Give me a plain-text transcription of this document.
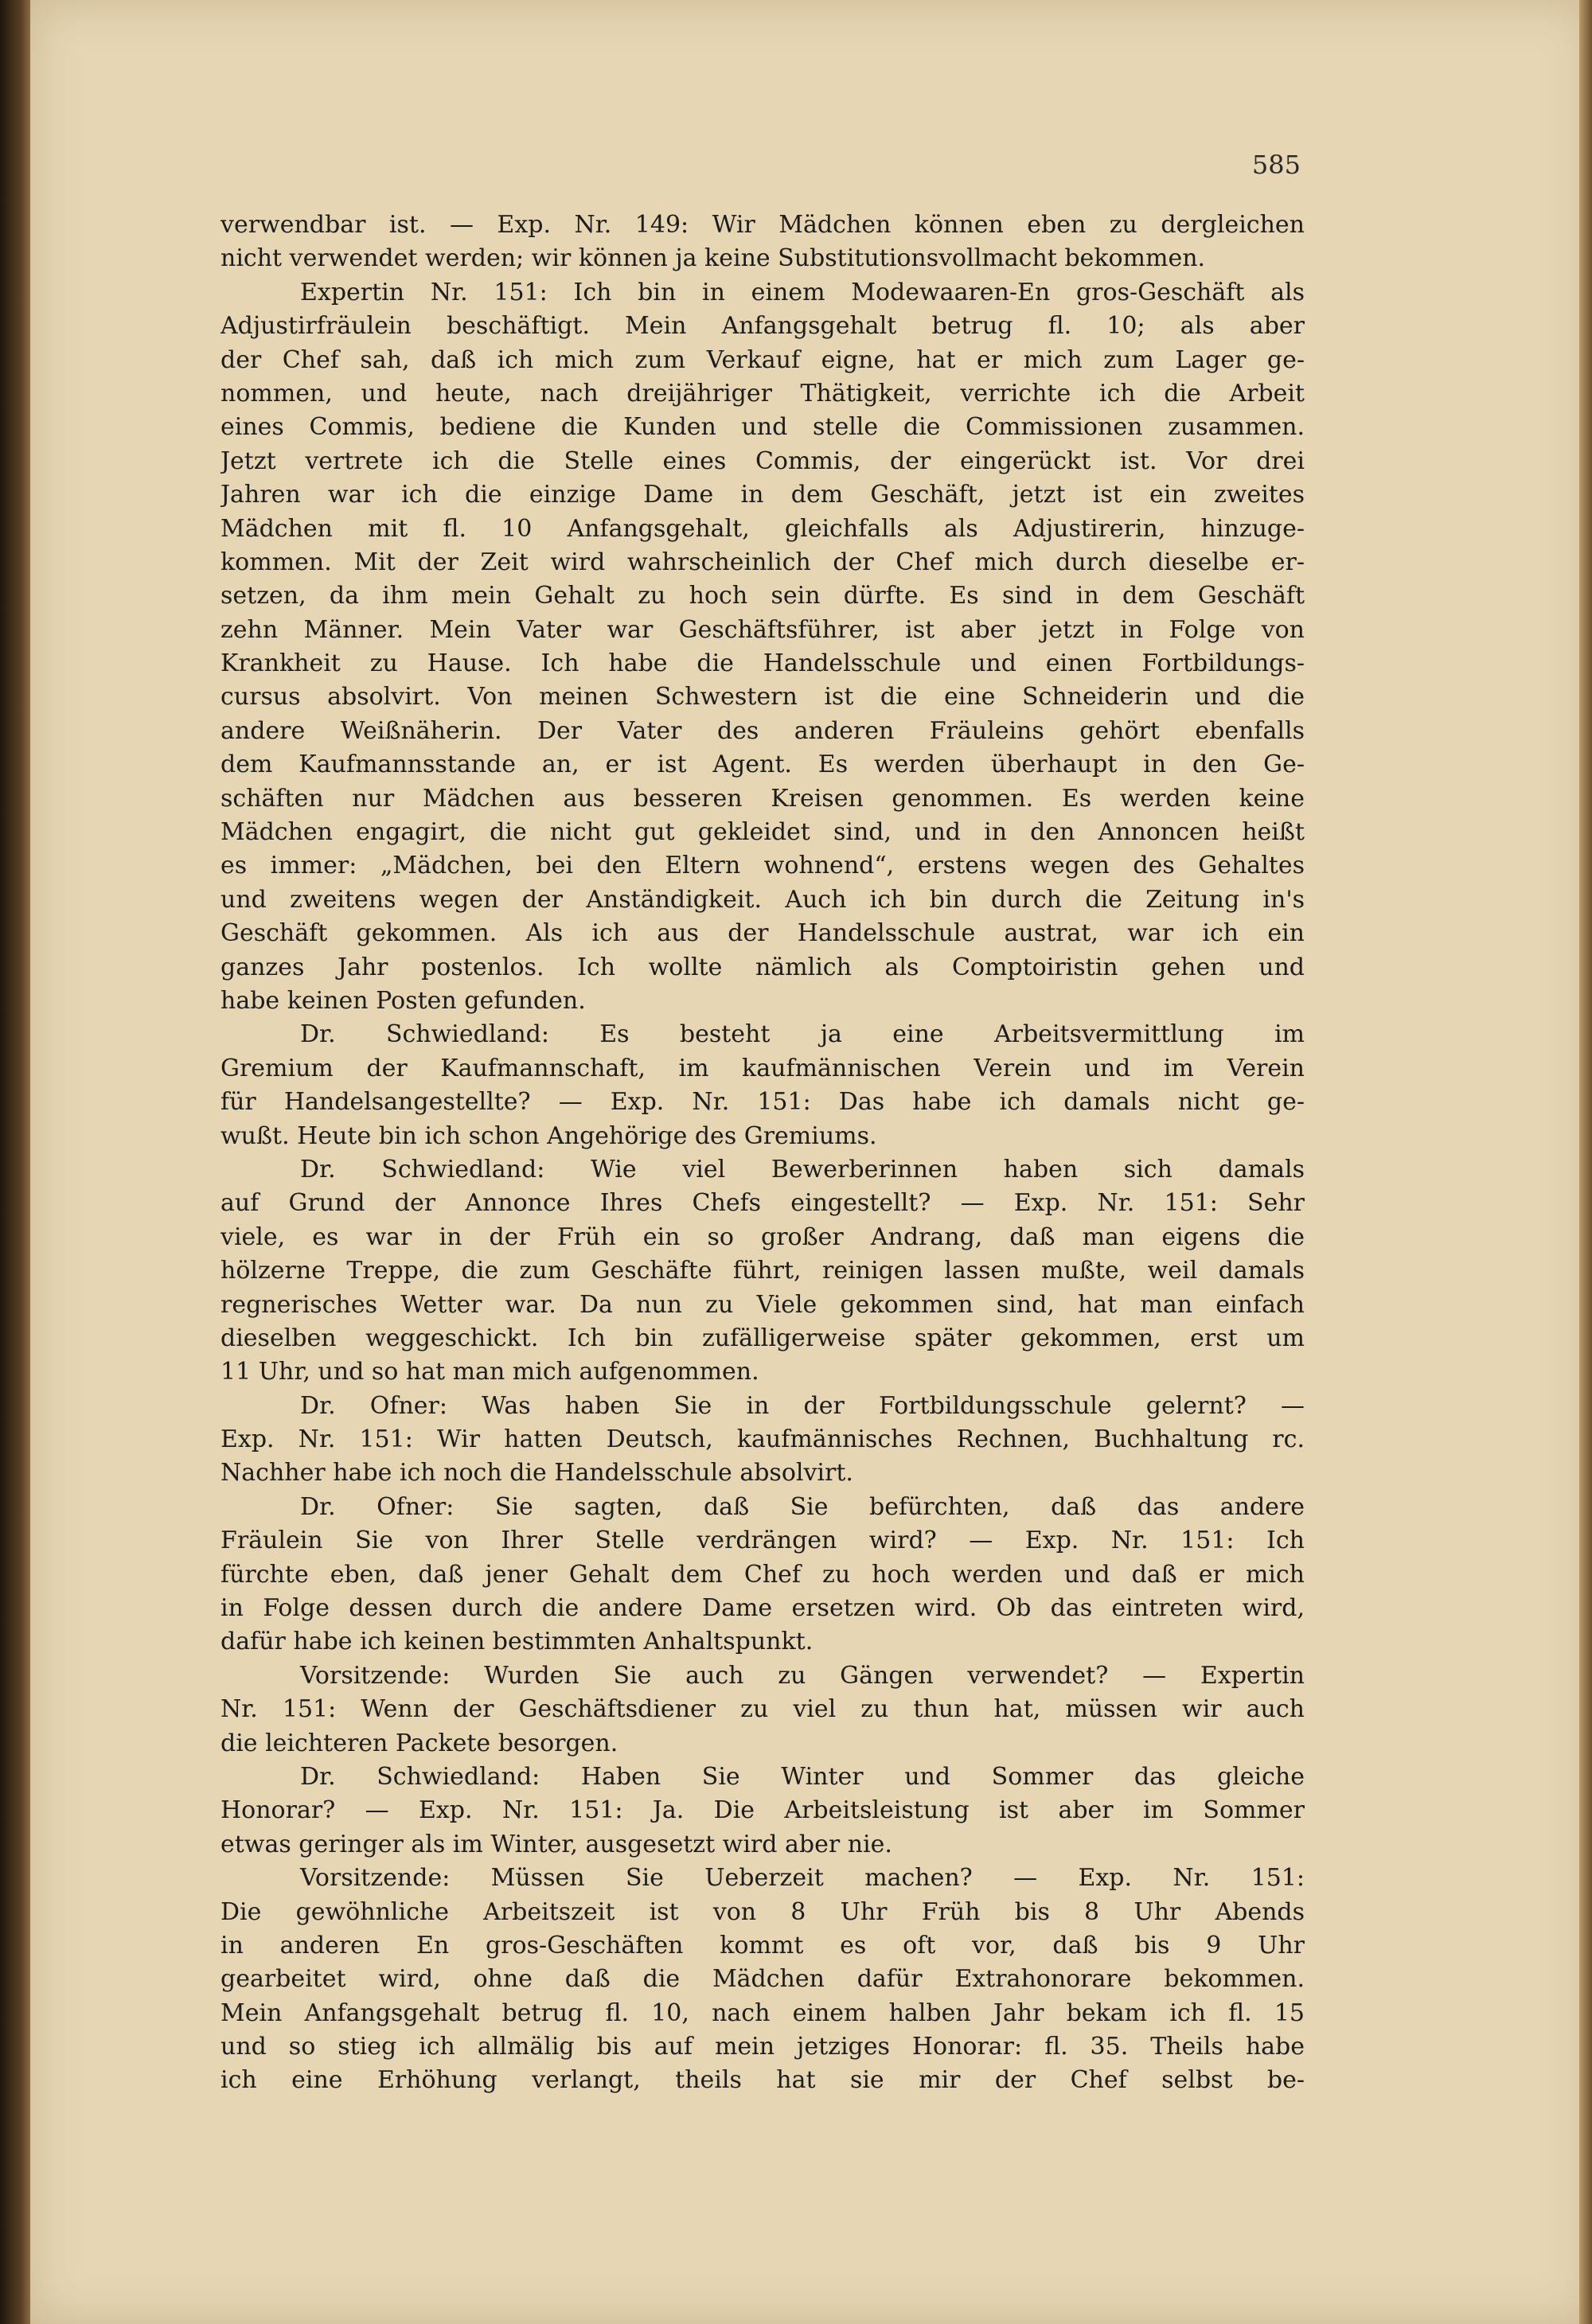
585
verwendbar ist. — Exp. Nr. 149: Wir Mädchen können eben zu dergleichen
nicht verwendet werden; wir können ja keine Substitutionsvollmacht bekommen.
Expertin Nr. 151: Ich bin in einem Modewaaren-En gros-Geschäft als
Adjustirfräulein beschäftigt. Mein Anfangsgehalt betrug fl. 10; als aber
der Chef sah, daß ich mich zum Verkauf eigne, hat er mich zum Lager ge-
nommen, und heute, nach dreijähriger Thätigkeit, verrichte ich die Arbeit
eines Commis, bediene die Kunden und stelle die Commissionen zusammen.
Jetzt vertrete ich die Stelle eines Commis, der eingerückt ist. Vor drei
Jahren war ich die einzige Dame in dem Geschäft, jetzt ist ein zweites
Mädchen mit fl. 10 Anfangsgehalt, gleichfalls als Adjustirerin, hinzuge-
kommen. Mit der Zeit wird wahrscheinlich der Chef mich durch dieselbe er-
setzen, da ihm mein Gehalt zu hoch sein dürfte. Es sind in dem Geschäft
zehn Männer. Mein Vater war Geschäftsführer, ist aber jetzt in Folge von
Krankheit zu Hause. Ich habe die Handelsschule und einen Fortbildungs-
cursus absolvirt. Von meinen Schwestern ist die eine Schneiderin und die
andere Weißnäherin. Der Vater des anderen Fräuleins gehört ebenfalls
dem Kaufmannsstande an, er ist Agent. Es werden überhaupt in den Ge-
schäften nur Mädchen aus besseren Kreisen genommen. Es werden keine
Mädchen engagirt, die nicht gut gekleidet sind, und in den Annoncen heißt
es immer: „Mädchen, bei den Eltern wohnend“, erstens wegen des Gehaltes
und zweitens wegen der Anständigkeit. Auch ich bin durch die Zeitung in's
Geschäft gekommen. Als ich aus der Handelsschule austrat, war ich ein
ganzes Jahr postenlos. Ich wollte nämlich als Comptoiristin gehen und
habe keinen Posten gefunden.
Dr. Schwiedland: Es besteht ja eine Arbeitsvermittlung im
Gremium der Kaufmannschaft, im kaufmännischen Verein und im Verein
für Handelsangestellte? — Exp. Nr. 151: Das habe ich damals nicht ge-
wußt. Heute bin ich schon Angehörige des Gremiums.
Dr. Schwiedland: Wie viel Bewerberinnen haben sich damals
auf Grund der Annonce Ihres Chefs eingestellt? — Exp. Nr. 151: Sehr
viele, es war in der Früh ein so großer Andrang, daß man eigens die
hölzerne Treppe, die zum Geschäfte führt, reinigen lassen mußte, weil damals
regnerisches Wetter war. Da nun zu Viele gekommen sind, hat man einfach
dieselben weggeschickt. Ich bin zufälligerweise später gekommen, erst um
11 Uhr, und so hat man mich aufgenommen.
Dr. Ofner: Was haben Sie in der Fortbildungsschule gelernt? —
Exp. Nr. 151: Wir hatten Deutsch, kaufmännisches Rechnen, Buchhaltung rc.
Nachher habe ich noch die Handelsschule absolvirt.
Dr. Ofner: Sie sagten, daß Sie befürchten, daß das andere
Fräulein Sie von Ihrer Stelle verdrängen wird? — Exp. Nr. 151: Ich
fürchte eben, daß jener Gehalt dem Chef zu hoch werden und daß er mich
in Folge dessen durch die andere Dame ersetzen wird. Ob das eintreten wird,
dafür habe ich keinen bestimmten Anhaltspunkt.
Vorsitzende: Wurden Sie auch zu Gängen verwendet? — Expertin
Nr. 151: Wenn der Geschäftsdiener zu viel zu thun hat, müssen wir auch
die leichteren Packete besorgen.
Dr. Schwiedland: Haben Sie Winter und Sommer das gleiche
Honorar? — Exp. Nr. 151: Ja. Die Arbeitsleistung ist aber im Sommer
etwas geringer als im Winter, ausgesetzt wird aber nie.
Vorsitzende: Müssen Sie Ueberzeit machen? — Exp. Nr. 151:
Die gewöhnliche Arbeitszeit ist von 8 Uhr Früh bis 8 Uhr Abends
in anderen En gros-Geschäften kommt es oft vor, daß bis 9 Uhr
gearbeitet wird, ohne daß die Mädchen dafür Extrahonorare bekommen.
Mein Anfangsgehalt betrug fl. 10, nach einem halben Jahr bekam ich fl. 15
und so stieg ich allmälig bis auf mein jetziges Honorar: fl. 35. Theils habe
ich eine Erhöhung verlangt, theils hat sie mir der Chef selbst be-
